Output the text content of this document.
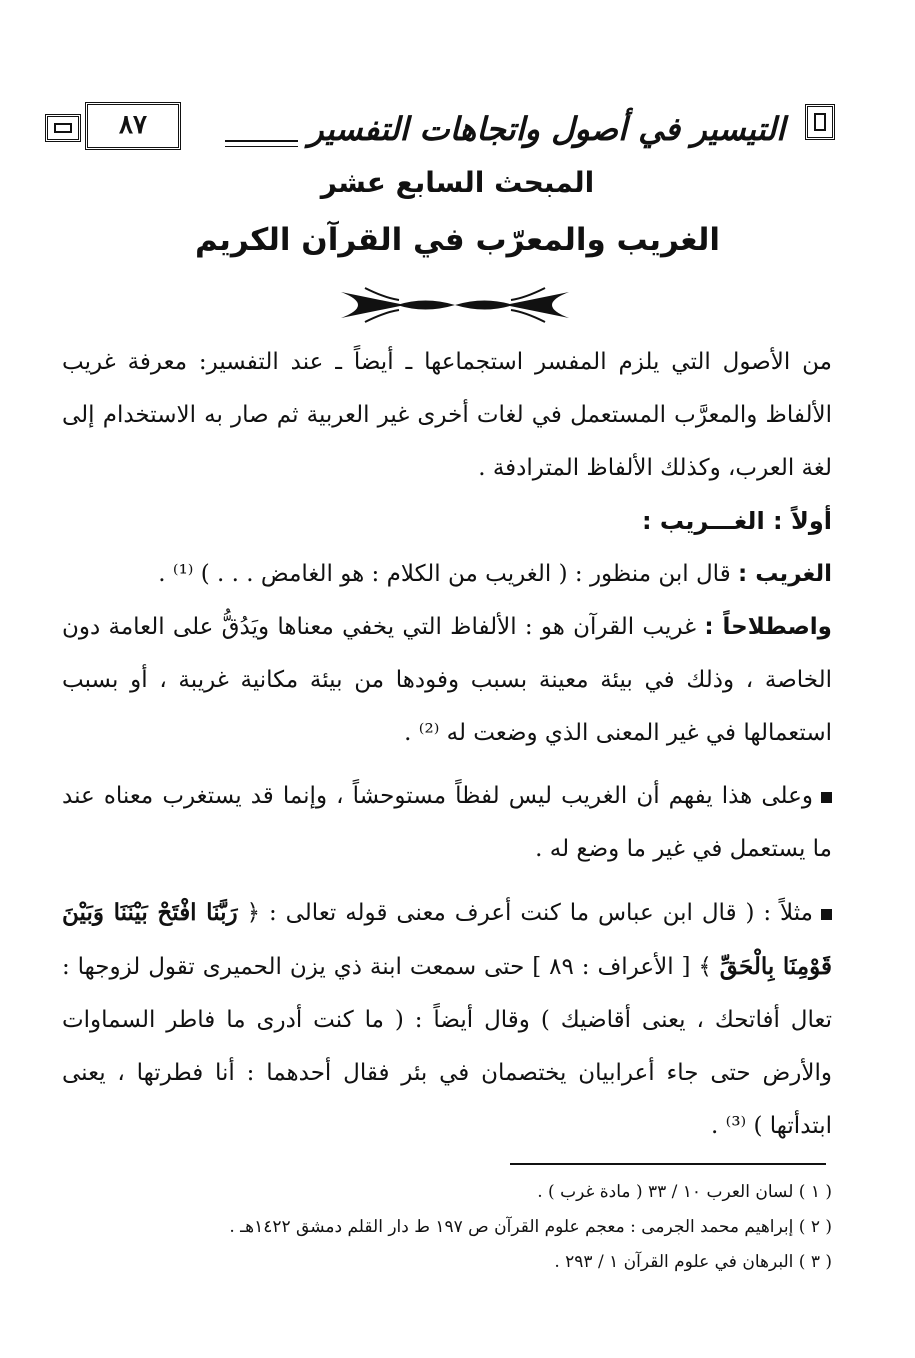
٨٧	التيسير في أصول واتجاهات التفسير
المبحث السابع عشر
الغريب والمعرّب في القرآن الكريم

من الأصول التي يلزم المفسر استجماعها ـ أيضاً ـ عند التفسير: معرفة غريب الألفاظ والمعرَّب المستعمل في لغات أخرى غير العربية ثم صار به الاستخدام إلى لغة العرب، وكذلك الألفاظ المترادفة .

أولاً : الغـــريب :

الغريب : قال ابن منظور : ( الغريب من الكلام : هو الغامض . . . ) ⁽¹⁾ .

واصطلاحاً : غريب القرآن هو : الألفاظ التي يخفي معناها ويَدُقُّ على العامة دون الخاصة ، وذلك في بيئة معينة بسبب وفودها من بيئة مكانية غريبة ، أو بسبب استعمالها في غير المعنى الذي وضعت له ⁽²⁾ .

وعلى هذا يفهم أن الغريب ليس لفظاً مستوحشاً ، وإنما قد يستغرب معناه عند ما يستعمل في غير ما وضع له .

مثلاً : ( قال ابن عباس ما كنت أعرف معنى قوله تعالى : ﴿ رَبَّنَا افْتَحْ بَيْنَنَا وَبَيْنَ قَوْمِنَا بِالْحَقِّ ﴾ [ الأعراف : ٨٩ ] حتى سمعت ابنة ذي يزن الحميرى تقول لزوجها : تعال أفاتحك ، يعنى أقاضيك ) وقال أيضاً : ( ما كنت أدرى ما فاطر السماوات والأرض حتى جاء أعرابيان يختصمان في بئر فقال أحدهما : أنا فطرتها ، يعنى ابتدأتها ) ⁽³⁾ .

( ١ ) لسان العرب ١٠ / ٣٣ ( مادة غرب ) .

( ٢ ) إبراهيم محمد الجرمى : معجم علوم القرآن ص ١٩٧ ط دار القلم دمشق ١٤٢٢هـ .

( ٣ ) البرهان في علوم القرآن ١ / ٢٩٣ .
